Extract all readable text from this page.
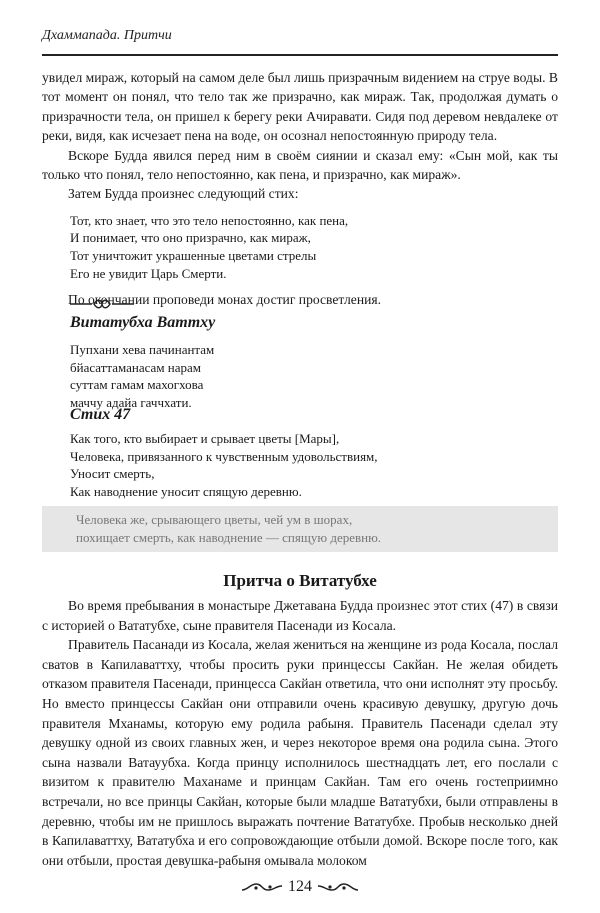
Дхаммапада. Притчи

увидел мираж, который на самом деле был лишь призрачным видением на струе воды. В тот момент он понял, что тело так же призрачно, как мираж. Так, продолжая думать о призрачности тела, он пришел к берегу реки Ачиравати. Сидя под деревом невдалеке от реки, видя, как исчезает пена на воде, он осознал непостоянную природу тела.

Вскоре Будда явился перед ним в своём сиянии и сказал ему: «Сын мой, как ты только что понял, тело непостоянно, как пена, и призрачно, как мираж».

Затем Будда произнес следующий стих:

Тот, кто знает, что это тело непостоянно, как пена,
И понимает, что оно призрачно, как мираж,
Тот уничтожит украшенные цветами стрелы
Его не увидит Царь Смерти.

По окончании проповеди монах достиг просветления.

Витатубха Ваттху
Пупхани хева пачинантам
бйасаттаманасам нарам
суттам гамам махогхова
маччу адайа гаччхати.
Стих 47
Как того, кто выбирает и срывает цветы [Мары],
Человека, привязанного к чувственным удовольствиям,
Уносит смерть,
Как наводнение уносит спящую деревню.
Человека же, срывающего цветы, чей ум в шорах,
похищает смерть, как наводнение — спящую деревню.
Притча о Витатубхе

Во время пребывания в монастыре Джетавана Будда произнес этот стих (47) в связи с историей о Вататубхе, сыне правителя Пасенади из Косала.

Правитель Пасанади из Косала, желая жениться на женщине из рода Косала, послал сватов в Капилаваттху, чтобы просить руки принцессы Сакйан. Не желая обидеть отказом правителя Пасенади, принцесса Сакйан ответила, что они исполнят эту просьбу. Но вместо принцессы Сакйан они отправили очень красивую девушку, другую дочь правителя Мханамы, которую ему родила рабыня. Правитель Пасенади сделал эту девушку одной из своих главных жен, и через некоторое время она родила сына. Этого сына назвали Ватауубха. Когда принцу исполнилось шестнадцать лет, его послали с визитом к правителю Маханаме и принцам Сакйан. Там его очень гостеприимно встречали, но все принцы Сакйан, которые были младше Вататубхи, были отправлены в деревню, чтобы им не пришлось выражать почтение Вататубхе. Пробыв несколько дней в Капилаваттху, Вататубха и его сопровождающие отбыли домой. Вскоре после того, как они отбыли, простая девушка-рабыня омывала молоком

124
